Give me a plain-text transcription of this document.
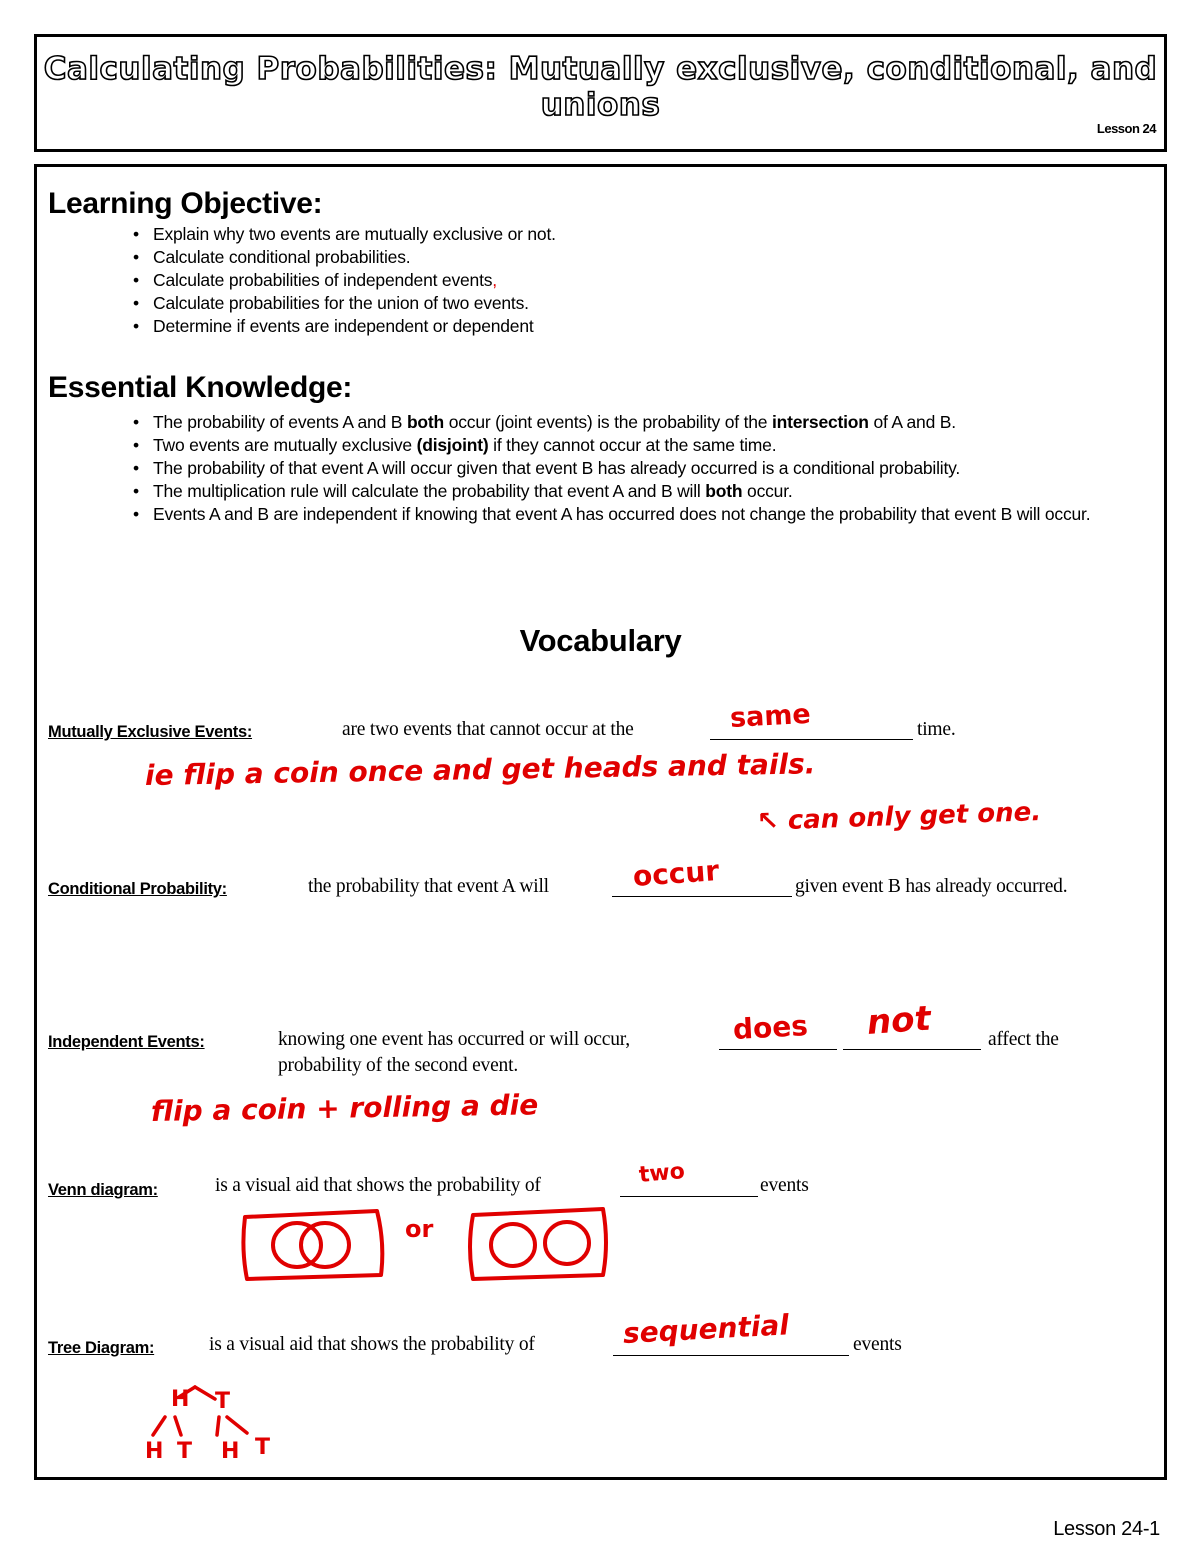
Calculating Probabilities: Mutually exclusive, conditional, and unions
Lesson 24
Learning Objective:
• Explain why two events are mutually exclusive or not.
• Calculate conditional probabilities.
• Calculate probabilities of independent events,
• Calculate probabilities for the union of two events.
• Determine if events are independent or dependent
Essential Knowledge:
• The probability of events A and B both occur (joint events) is the probability of the intersection of A and B.
• Two events are mutually exclusive (disjoint) if they cannot occur at the same time.
• The probability of that event A will occur given that event B has already occurred is a conditional probability.
• The multiplication rule will calculate the probability that event A and B will both occur.
• Events A and B are independent if knowing that event A has occurred does not change the probability that event B will occur.
Vocabulary
Mutually Exclusive Events:	are two events that cannot occur at the	same	time.
ie flip a coin once and get heads and tails.
↖ can only get one.
Conditional Probability:	the probability that event A will	occur	given event B has already occurred.
Independent Events:	knowing one event has occurred or will occur,	does not	affect the
probability of the second event.
flip a coin + rolling a die
Venn diagram:	is a visual aid that shows the probability of	two	events
or
Tree Diagram:	is a visual aid that shows the probability of	sequential	events
H T
H T H T
Lesson 24-1
